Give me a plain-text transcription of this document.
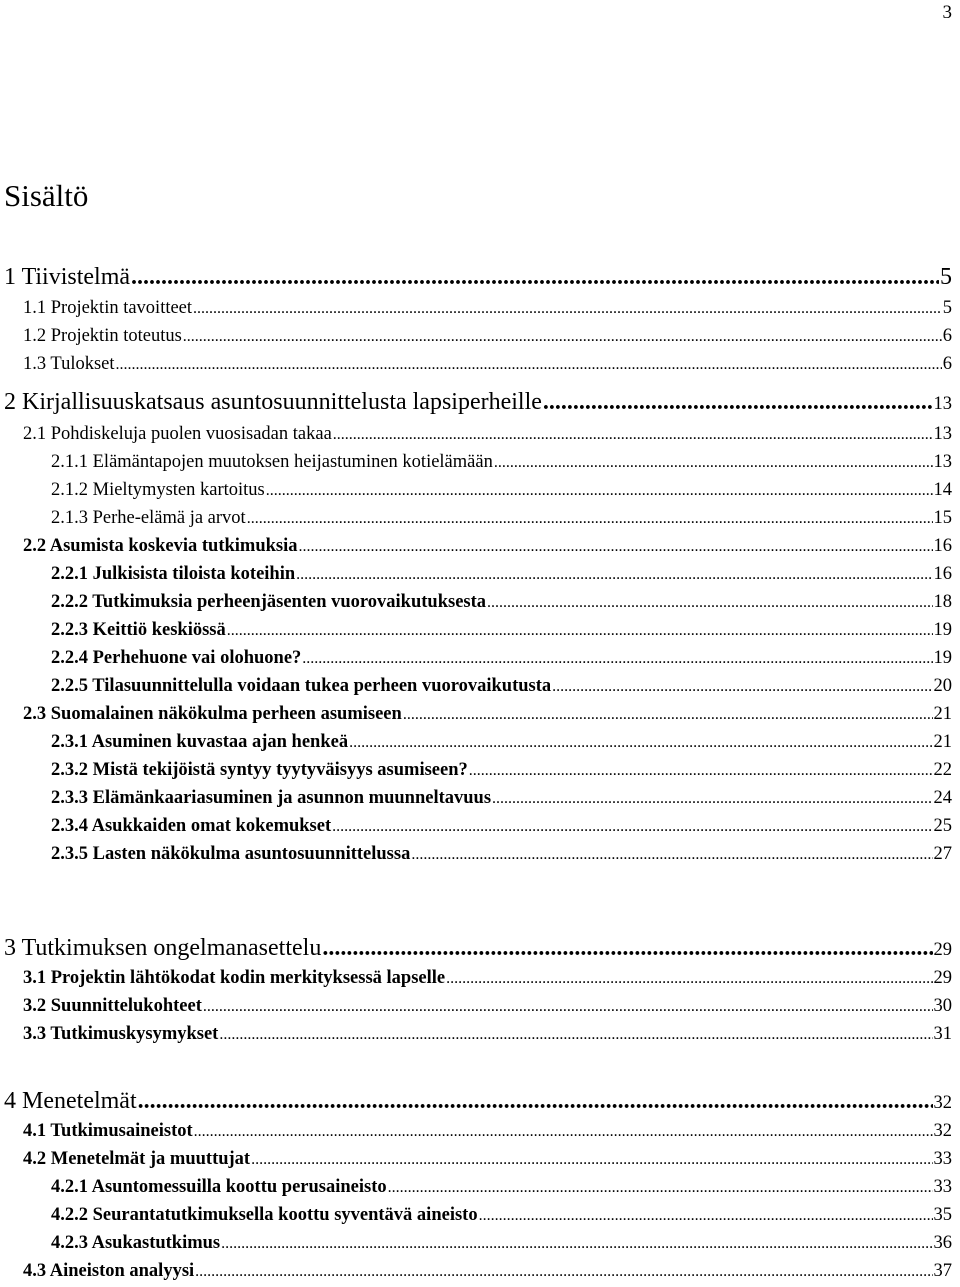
3
Sisältö
1 Tiivistelmä .....	5
1.1 Projektin tavoitteet .....	5
1.2 Projektin toteutus .....	6
1.3 Tulokset .....	6
2 Kirjallisuuskatsaus asuntosuunnittelusta lapsiperheille .....	13
2.1 Pohdiskeluja puolen vuosisadan takaa .....	13
2.1.1 Elämäntapojen muutoksen heijastuminen kotielämään .....	13
2.1.2 Mieltymysten kartoitus .....	14
2.1.3 Perhe-elämä ja arvot .....	15
2.2 Asumista koskevia tutkimuksia .....	16
2.2.1 Julkisista tiloista koteihin .....	16
2.2.2 Tutkimuksia perheenjäsenten vuorovaikutuksesta .....	18
2.2.3 Keittiö keskiössä .....	19
2.2.4 Perhehuone vai olohuone? .....	19
2.2.5 Tilasuunnittelulla voidaan tukea perheen vuorovaikutusta .....	20
2.3 Suomalainen näkökulma perheen asumiseen .....	21
2.3.1 Asuminen kuvastaa ajan henkeä .....	21
2.3.2 Mistä tekijöistä syntyy tyytyväisyys asumiseen? .....	22
2.3.3 Elämänkaariasuminen ja asunnon muunneltavuus .....	24
2.3.4 Asukkaiden omat kokemukset .....	25
2.3.5 Lasten näkökulma asuntosuunnittelussa .....	27
3 Tutkimuksen ongelmanasettelu .....	29
3.1 Projektin lähtökodat kodin merkityksessä lapselle .....	29
3.2 Suunnittelukohteet .....	30
3.3 Tutkimuskysymykset .....	31
4 Menetelmät .....	32
4.1 Tutkimusaineistot .....	32
4.2 Menetelmät ja muuttujat .....	33
4.2.1 Asuntomessuilla koottu perusaineisto .....	33
4.2.2 Seurantatutkimuksella koottu syventävä aineisto .....	35
4.2.3 Asukastutkimus .....	36
4.3 Aineiston analyysi .....	37
